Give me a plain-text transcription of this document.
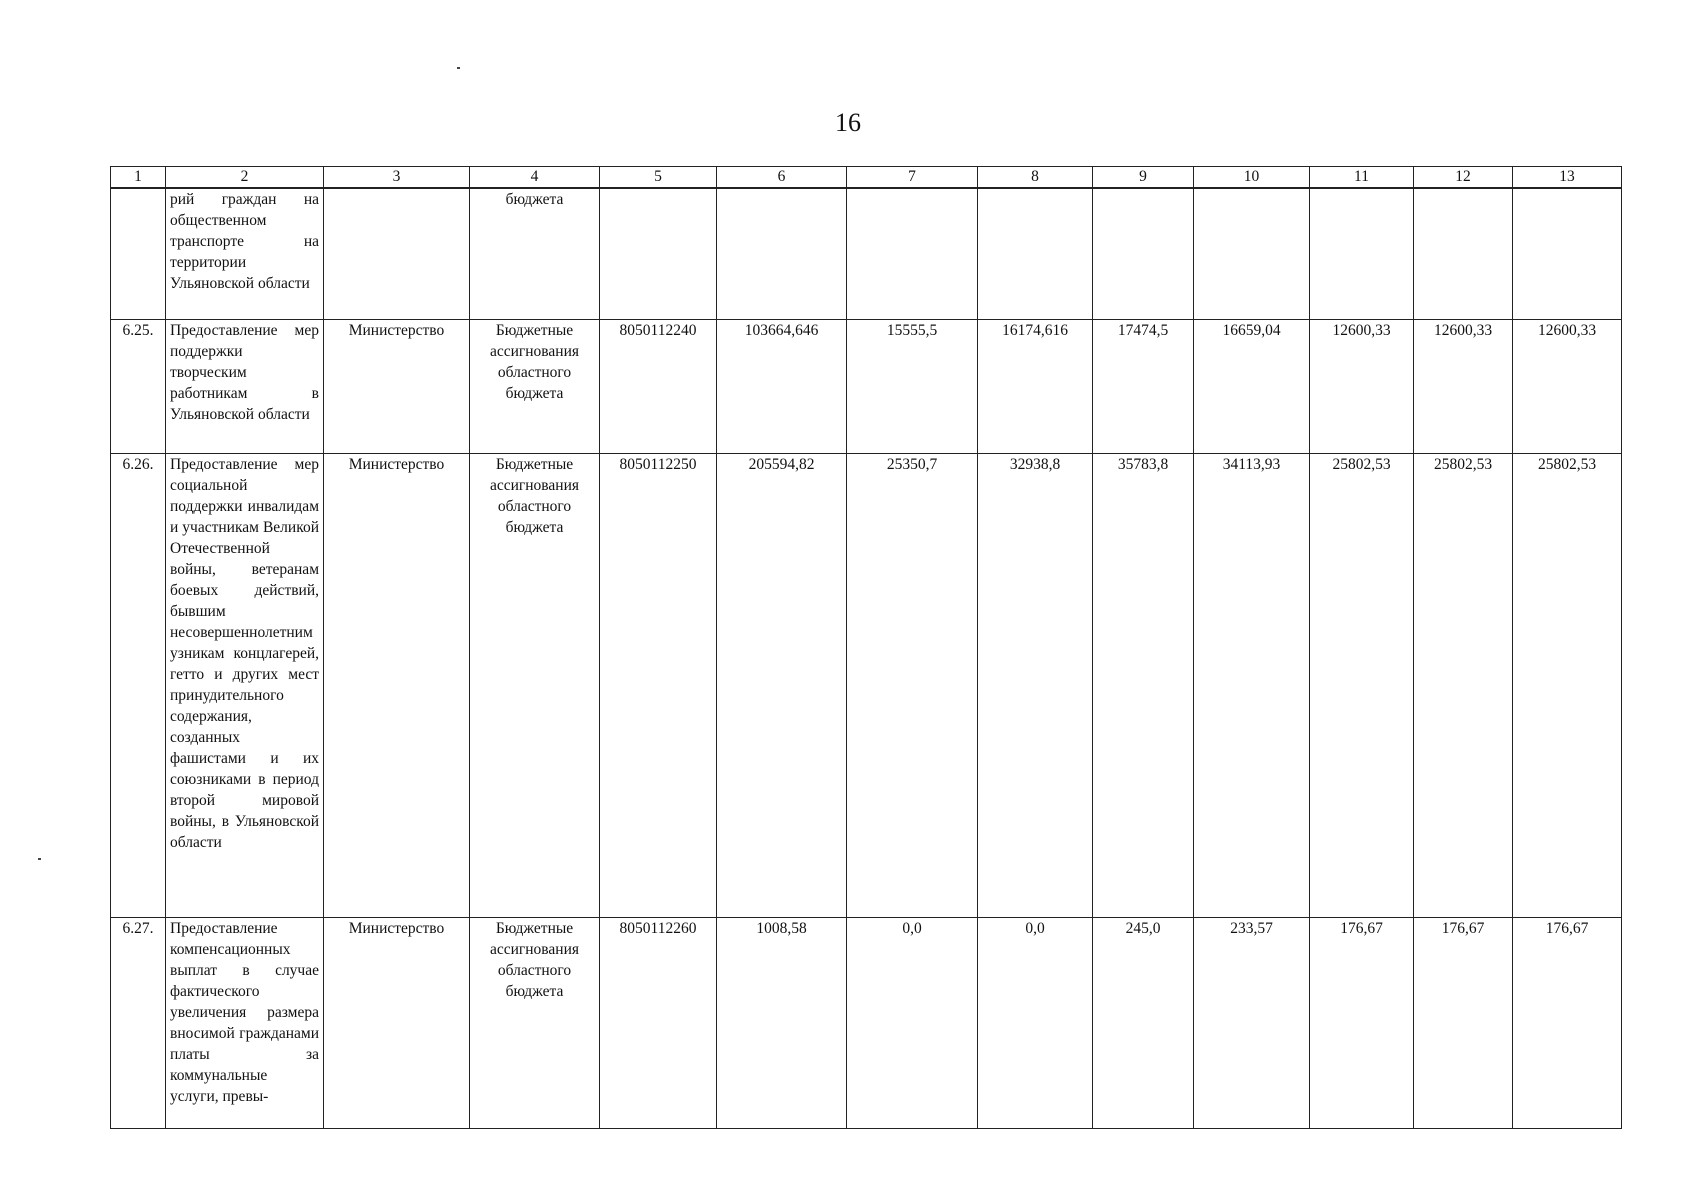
16
1	2	3	4	5	6	7	8	9	10	11	12	13
	рий граждан на общественном транспорте на территории Ульяновской области		бюджета									
6.25.	Предоставление мер поддержки творческим работникам в Ульяновской области	Министерство	Бюджетные ассигнования областного бюджета	8050112240	103664,646	15555,5	16174,616	17474,5	16659,04	12600,33	12600,33	12600,33
6.26.	Предоставление мер социальной поддержки инвалидам и участникам Великой Отечественной войны, ветеранам боевых действий, бывшим несовершеннолетним узникам концлагерей, гетто и других мест принудительного содержания, созданных фашистами и их союзниками в период второй мировой войны, в Ульяновской области	Министерство	Бюджетные ассигнования областного бюджета	8050112250	205594,82	25350,7	32938,8	35783,8	34113,93	25802,53	25802,53	25802,53
6.27.	Предоставление компенсационных выплат в случае фактического увеличения размера вносимой гражданами платы за коммунальные услуги, превы-	Министерство	Бюджетные ассигнования областного бюджета	8050112260	1008,58	0,0	0,0	245,0	233,57	176,67	176,67	176,67
